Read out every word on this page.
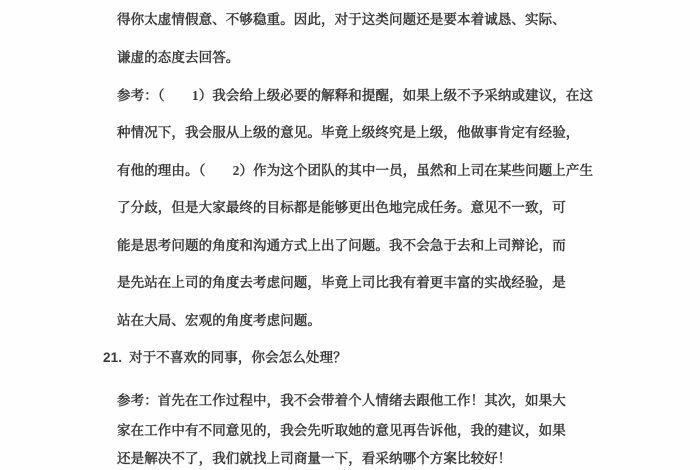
得你太虚情假意、不够稳重。因此，对于这类问题还是要本着诚恳、实际、
谦虚的态度去回答。
参考：（　　1）我会给上级必要的解释和提醒，如果上级不予采纳或建议，在这
种情况下，我会服从上级的意见。毕竟上级终究是上级，他做事肯定有经验，
有他的理由。（　　2）作为这个团队的其中一员，虽然和上司在某些问题上产生
了分歧，但是大家最终的目标都是能够更出色地完成任务。意见不一致，可
能是思考问题的角度和沟通方式上出了问题。我不会急于去和上司辩论，而
是先站在上司的角度去考虑问题，毕竟上司比我有着更丰富的实战经验，是
站在大局、宏观的角度考虑问题。
21. 对于不喜欢的同事，你会怎么处理？
参考：首先在工作过程中，我不会带着个人情绪去跟他工作！其次，如果大
家在工作中有不同意见的，我会先听取她的意见再告诉他，我的建议，如果
还是解决不了，我们就找上司商量一下，看采纳哪个方案比较好！
